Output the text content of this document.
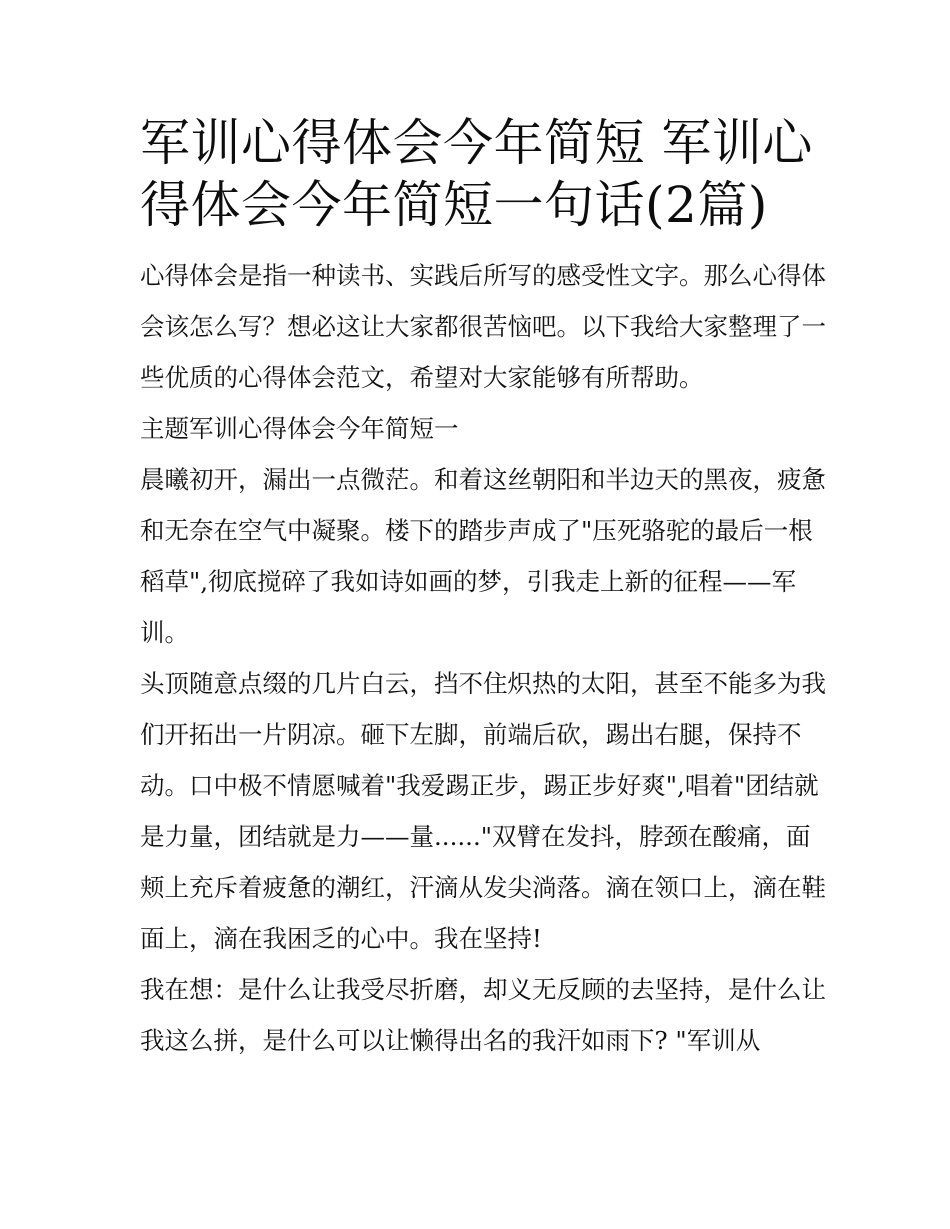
军训心得体会今年简短 军训心得体会今年简短一句话(2篇)

心得体会是指一种读书、实践后所写的感受性文字。那么心得体会该怎么写？想必这让大家都很苦恼吧。以下我给大家整理了一些优质的心得体会范文，希望对大家能够有所帮助。

主题军训心得体会今年简短一

晨曦初开，漏出一点微茫。和着这丝朝阳和半边天的黑夜，疲惫和无奈在空气中凝聚。楼下的踏步声成了"压死骆驼的最后一根稻草",彻底搅碎了我如诗如画的梦，引我走上新的征程——军训。

头顶随意点缀的几片白云，挡不住炽热的太阳，甚至不能多为我们开拓出一片阴凉。砸下左脚，前端后砍，踢出右腿，保持不动。口中极不情愿喊着"我爱踢正步，踢正步好爽",唱着"团结就是力量，团结就是力——量......"双臂在发抖，脖颈在酸痛，面颊上充斥着疲惫的潮红，汗滴从发尖淌落。滴在领口上，滴在鞋面上，滴在我困乏的心中。我在坚持!

我在想：是什么让我受尽折磨，却义无反顾的去坚持，是什么让我这么拼，是什么可以让懒得出名的我汗如雨下? "军训从
